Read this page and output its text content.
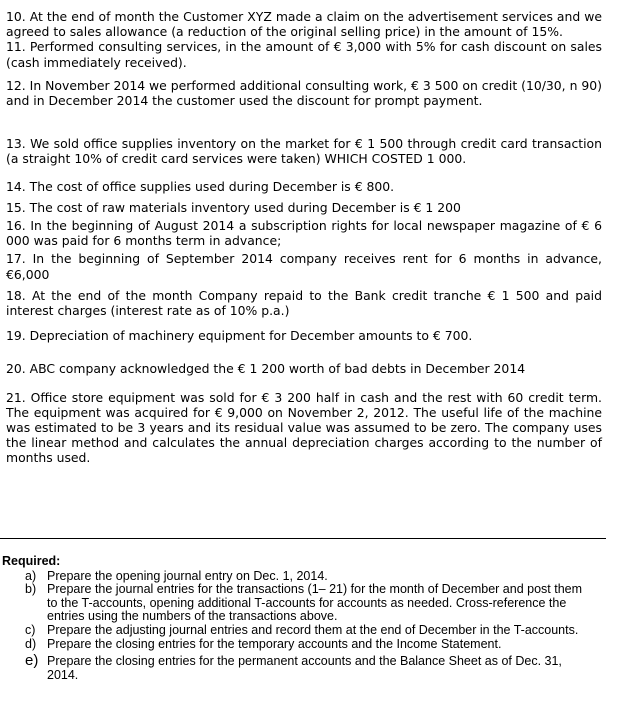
10. At the end of month the Customer XYZ made a claim on the advertisement services and we agreed to sales allowance (a reduction of the original selling price) in the amount of 15%.

11. Performed consulting services, in the amount of € 3,000 with 5% for cash discount on sales (cash immediately received).

12. In November 2014 we performed additional consulting work, € 3 500 on credit (10/30, n 90) and in December 2014 the customer used the discount for prompt payment.

13. We sold office supplies inventory on the market for € 1 500 through credit card transaction (a straight 10% of credit card services were taken) WHICH COSTED 1 000.

14. The cost of office supplies used during December is € 800.

15. The cost of raw materials inventory used during December is € 1 200

16. In the beginning of August 2014 a subscription rights for local newspaper magazine of € 6 000 was paid for 6 months term in advance;

17. In the beginning of September 2014 company receives rent for 6 months in advance, €6,000

18. At the end of the month Company repaid to the Bank credit tranche € 1 500 and paid interest charges (interest rate as of 10% p.a.)

19. Depreciation of machinery equipment for December amounts to € 700.

20. ABC company acknowledged the € 1 200 worth of bad debts in December 2014

21. Office store equipment was sold for € 3 200 half in cash and the rest with 60 credit term. The equipment was acquired for € 9,000 on November 2, 2012. The useful life of the machine was estimated to be 3 years and its residual value was assumed to be zero. The company uses the linear method and calculates the annual depreciation charges according to the number of months used.

Required:
a) Prepare the opening journal entry on Dec. 1, 2014.
b) Prepare the journal entries for the transactions (1– 21) for the month of December and post them to the T-accounts, opening additional T-accounts for accounts as needed. Cross-reference the entries using the numbers of the transactions above.
c) Prepare the adjusting journal entries and record them at the end of December in the T-accounts.
d) Prepare the closing entries for the temporary accounts and the Income Statement.
e) Prepare the closing entries for the permanent accounts and the Balance Sheet as of Dec. 31, 2014.
